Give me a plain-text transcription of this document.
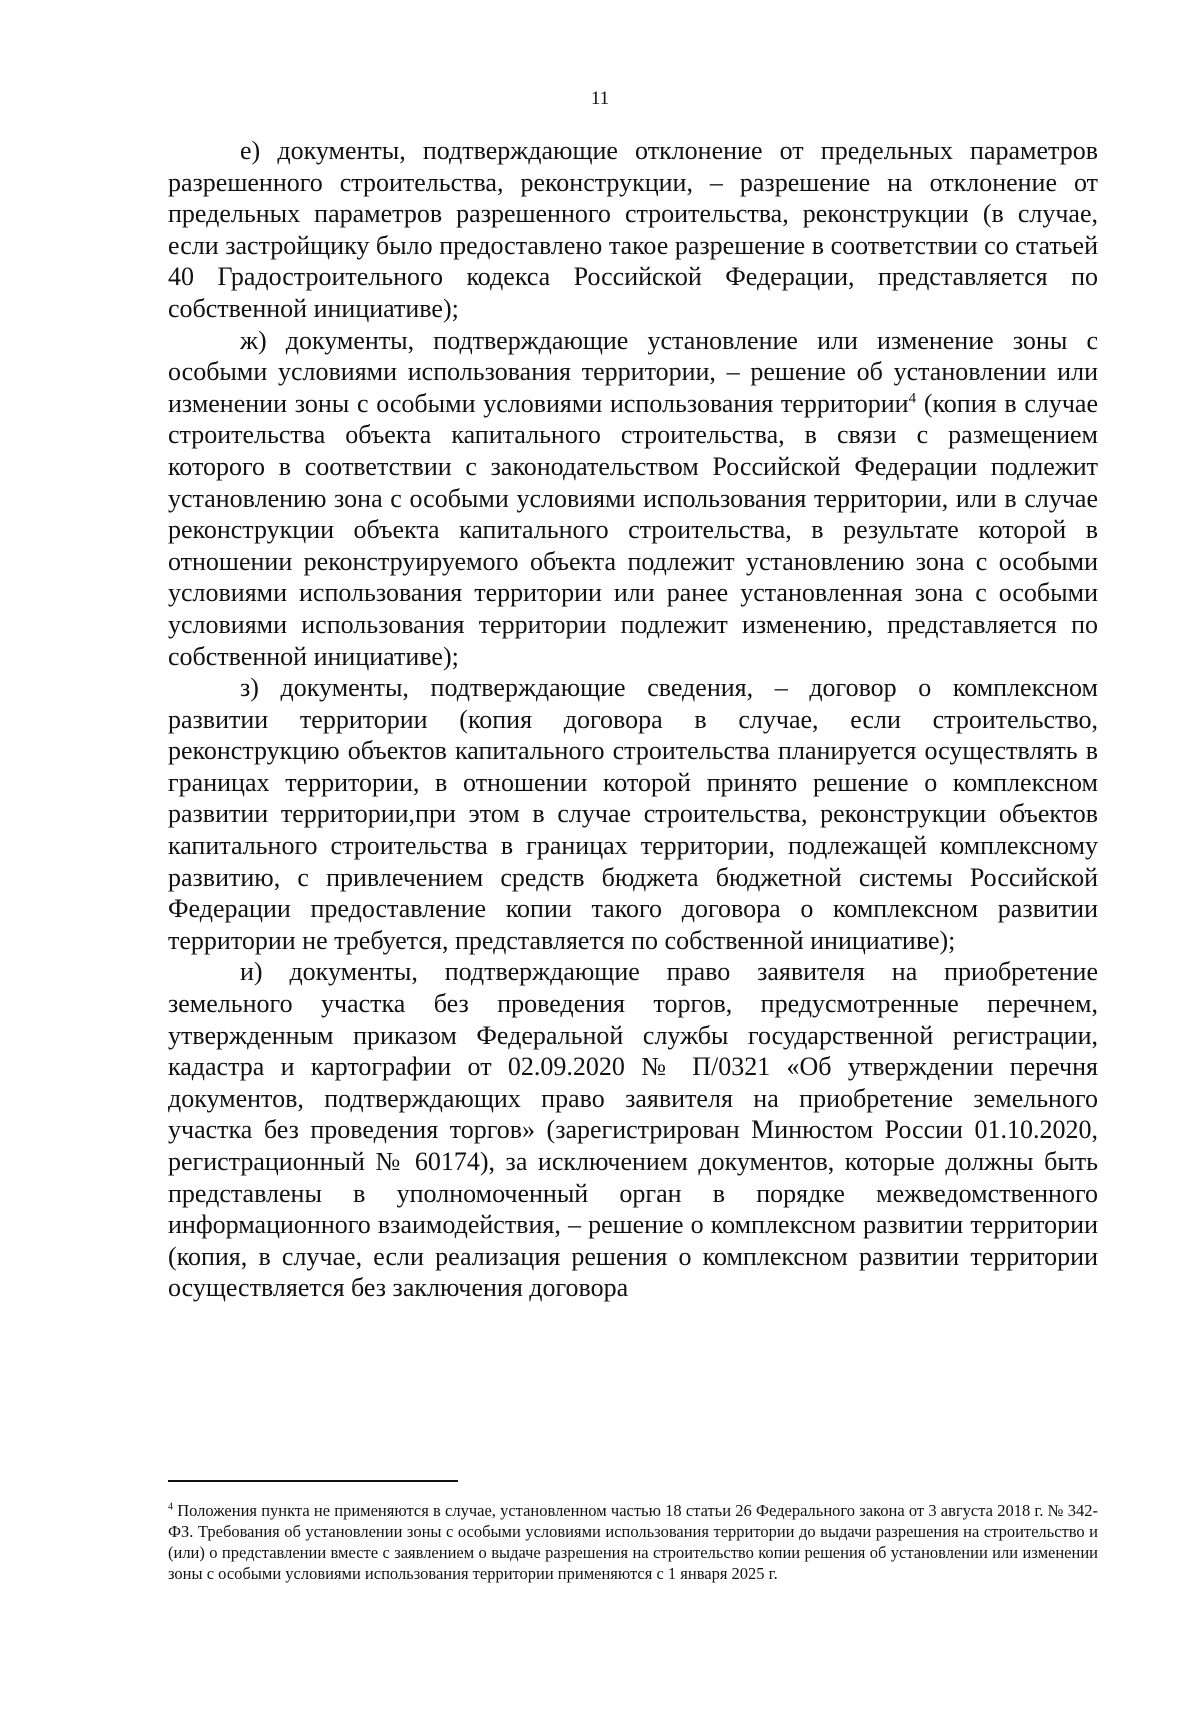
11

е) документы, подтверждающие отклонение от предельных параметров разрешенного строительства, реконструкции, – разрешение на отклонение от предельных параметров разрешенного строительства, реконструкции (в случае, если застройщику было предоставлено такое разрешение в соответствии со статьей 40 Градостроительного кодекса Российской Федерации, представляется по собственной инициативе);

ж) документы, подтверждающие установление или изменение зоны с особыми условиями использования территории, – решение об установлении или изменении зоны с особыми условиями использования территории$^4$ (копия в случае строительства объекта капитального строительства, в связи с размещением которого в соответствии с законодательством Российской Федерации подлежит установлению зона с особыми условиями использования территории, или в случае реконструкции объекта капитального строительства, в результате которой в отношении реконструируемого объекта подлежит установлению зона с особыми условиями использования территории или ранее установленная зона с особыми условиями использования территории подлежит изменению, представляется по собственной инициативе);

з) документы, подтверждающие сведения, – договор о комплексном развитии территории (копия договора в случае, если строительство, реконструкцию объектов капитального строительства планируется осуществлять в границах территории, в отношении которой принято решение о комплексном развитии территории,при этом в случае строительства, реконструкции объектов капитального строительства в границах территории, подлежащей комплексному развитию, с привлечением средств бюджета бюджетной системы Российской Федерации предоставление копии такого договора о комплексном развитии территории не требуется, представляется по собственной инициативе);

и) документы, подтверждающие право заявителя на приобретение земельного участка без проведения торгов, предусмотренные перечнем, утвержденным приказом Федеральной службы государственной регистрации, кадастра и картографии от 02.09.2020 № П/0321 «Об утверждении перечня документов, подтверждающих право заявителя на приобретение земельного участка без проведения торгов» (зарегистрирован Минюстом России 01.10.2020, регистрационный № 60174), за исключением документов, которые должны быть представлены в уполномоченный орган в порядке межведомственного информационного взаимодействия, – решение о комплексном развитии территории (копия, в случае, если реализация решения о комплексном развитии территории осуществляется без заключения договора

$^4$ Положения пункта не применяются в случае, установленном частью 18 статьи 26 Федерального закона от 3 августа 2018 г. № 342-ФЗ. Требования об установлении зоны с особыми условиями использования территории до выдачи разрешения на строительство и (или) о представлении вместе с заявлением о выдаче разрешения на строительство копии решения об установлении или изменении зоны с особыми условиями использования территории применяются с 1 января 2025 г.
